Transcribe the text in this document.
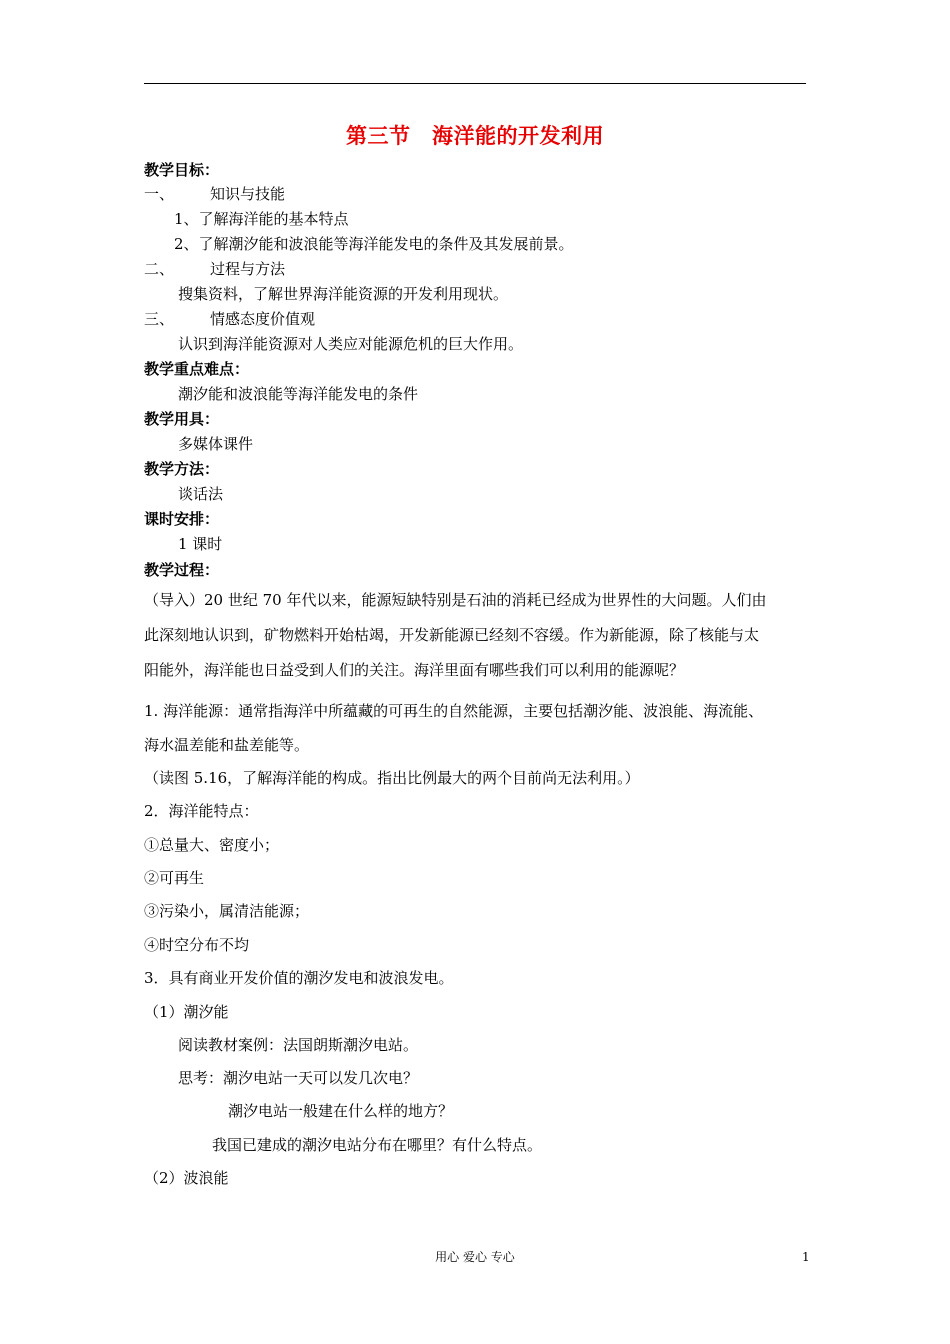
第三节　海洋能的开发利用
教学目标：
一、 知识与技能
1、了解海洋能的基本特点
2、了解潮汐能和波浪能等海洋能发电的条件及其发展前景。
二、 过程与方法
搜集资料，了解世界海洋能资源的开发利用现状。
三、 情感态度价值观
认识到海洋能资源对人类应对能源危机的巨大作用。
教学重点难点：
潮汐能和波浪能等海洋能发电的条件
教学用具：
多媒体课件
教学方法：
谈话法
课时安排：
1 课时
教学过程：
（导入）20 世纪 70 年代以来，能源短缺特别是石油的消耗已经成为世界性的大问题。人们由
此深刻地认识到，矿物燃料开始枯竭，开发新能源已经刻不容缓。作为新能源，除了核能与太
阳能外，海洋能也日益受到人们的关注。海洋里面有哪些我们可以利用的能源呢？
1. 海洋能源：通常指海洋中所蕴藏的可再生的自然能源，主要包括潮汐能、波浪能、海流能、
海水温差能和盐差能等。
（读图 5.16，了解海洋能的构成。指出比例最大的两个目前尚无法利用。）
2．海洋能特点：
①总量大、密度小；
②可再生
③污染小，属清洁能源；
④时空分布不均
3．具有商业开发价值的潮汐发电和波浪发电。
（1）潮汐能
阅读教材案例：法国朗斯潮汐电站。
思考：潮汐电站一天可以发几次电？
潮汐电站一般建在什么样的地方？
我国已建成的潮汐电站分布在哪里？有什么特点。
（2）波浪能
用心 爱心 专心	1
